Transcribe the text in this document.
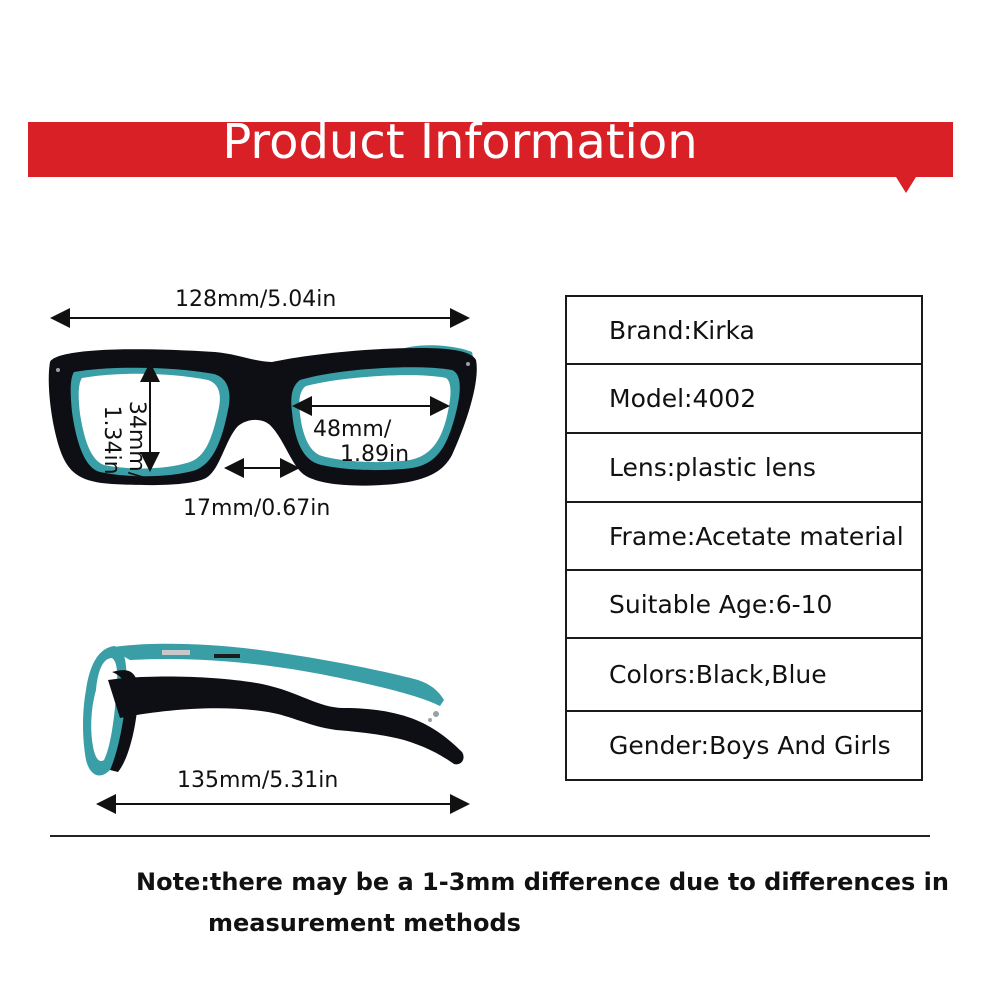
Product Information
128mm/5.04in
34mm/
1.34in	48mm/
1.89in
17mm/0.67in
135mm/5.31in
Brand:Kirka
Model:4002
Lens:plastic lens
Frame:Acetate material
Suitable Age:6-10
Colors:Black,Blue
Gender:Boys And Girls
Note:there may be a 1-3mm difference due to differences in
measurement methods
